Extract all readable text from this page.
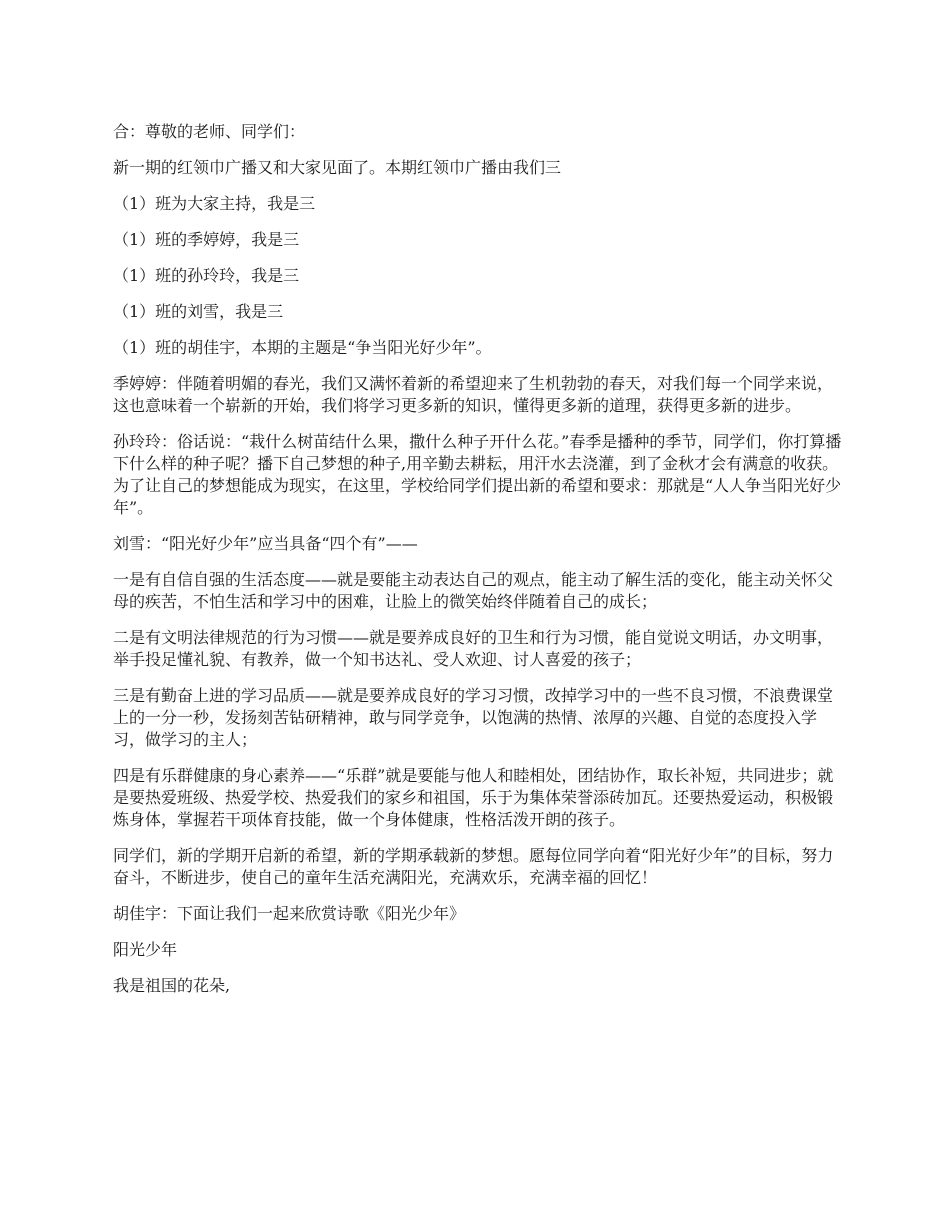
合：尊敬的老师、同学们：

新一期的红领巾广播又和大家见面了。本期红领巾广播由我们三

（1）班为大家主持，我是三

（1）班的季婷婷，我是三

（1）班的孙玲玲，我是三

（1）班的刘雪，我是三

（1）班的胡佳宇，本期的主题是“争当阳光好少年”。

季婷婷：伴随着明媚的春光，我们又满怀着新的希望迎来了生机勃勃的春天，对我们每一个同学来说，这也意味着一个崭新的开始，我们将学习更多新的知识，懂得更多新的道理，获得更多新的进步。

孙玲玲：俗话说：“栽什么树苗结什么果，撒什么种子开什么花。”春季是播种的季节，同学们，你打算播下什么样的种子呢？播下自己梦想的种子,用辛勤去耕耘，用汗水去浇灌，到了金秋才会有满意的收获。为了让自己的梦想能成为现实，在这里，学校给同学们提出新的希望和要求：那就是“人人争当阳光好少年”。

刘雪：“阳光好少年”应当具备“四个有”——

一是有自信自强的生活态度——就是要能主动表达自己的观点，能主动了解生活的变化，能主动关怀父母的疾苦，不怕生活和学习中的困难，让脸上的微笑始终伴随着自己的成长；

二是有文明法律规范的行为习惯——就是要养成良好的卫生和行为习惯，能自觉说文明话，办文明事，举手投足懂礼貌、有教养，做一个知书达礼、受人欢迎、讨人喜爱的孩子；

三是有勤奋上进的学习品质——就是要养成良好的学习习惯，改掉学习中的一些不良习惯，不浪费课堂上的一分一秒，发扬刻苦钻研精神，敢与同学竞争，以饱满的热情、浓厚的兴趣、自觉的态度投入学习，做学习的主人；

四是有乐群健康的身心素养——“乐群”就是要能与他人和睦相处，团结协作，取长补短，共同进步；就是要热爱班级、热爱学校、热爱我们的家乡和祖国，乐于为集体荣誉添砖加瓦。还要热爱运动，积极锻炼身体，掌握若干项体育技能，做一个身体健康，性格活泼开朗的孩子。

同学们，新的学期开启新的希望，新的学期承载新的梦想。愿每位同学向着“阳光好少年”的目标，努力奋斗，不断进步，使自己的童年生活充满阳光，充满欢乐，充满幸福的回忆！

胡佳宇：下面让我们一起来欣赏诗歌《阳光少年》

阳光少年

我是祖国的花朵,
